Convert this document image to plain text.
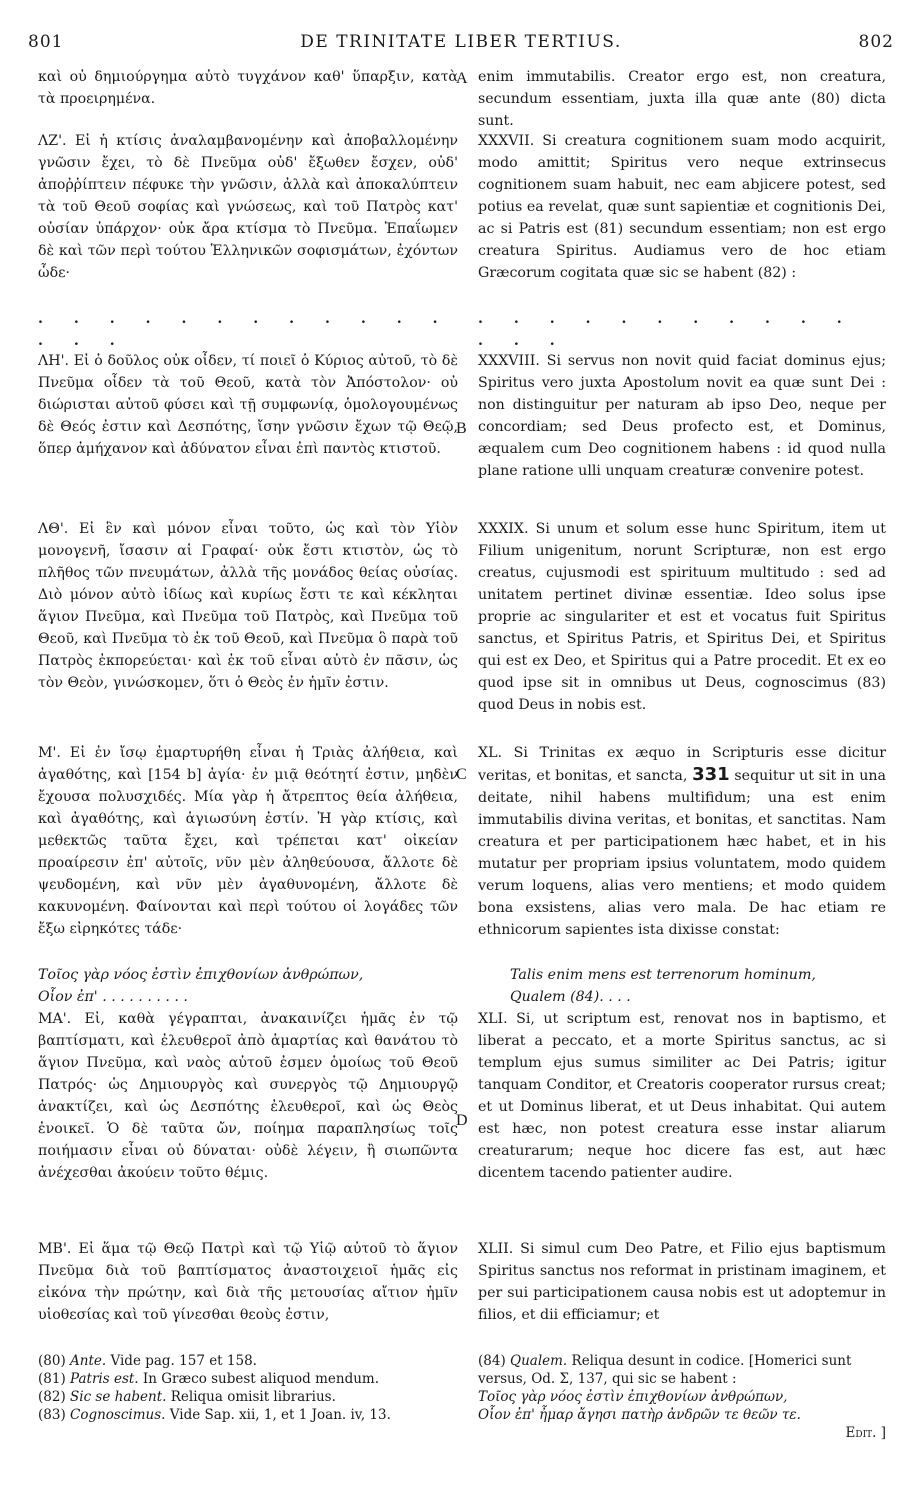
801	DE TRINITATE LIBER TERTIUS.	802
A
B
C
D

καὶ οὐ δημιούργημα αὐτὸ τυγχάνον καθ' ὕπαρξιν, κατὰ τὰ προειρημένα.

ΛΖ'. Εἰ ἡ κτίσις ἀναλαμβανομένην καὶ ἀποβαλλομένην γνῶσιν ἔχει, τὸ δὲ Πνεῦμα οὐδ' ἔξωθεν ἔσχεν, οὐδ' ἀποῤῥίπτειν πέφυκε τὴν γνῶσιν, ἀλλὰ καὶ ἀποκαλύπτειν τὰ τοῦ Θεοῦ σοφίας καὶ γνώσεως, καὶ τοῦ Πατρὸς κατ' οὐσίαν ὑπάρχον· οὐκ ἄρα κτίσμα τὸ Πνεῦμα. Ἐπαΐωμεν δὲ καὶ τῶν περὶ τούτου Ἑλληνικῶν σοφισμάτων, ἐχόντων ὧδε·

. . . . . . . . . . . . . . .

ΛΗ'. Εἰ ὁ δοῦλος οὐκ οἶδεν, τί ποιεῖ ὁ Κύριος αὐτοῦ, τὸ δὲ Πνεῦμα οἶδεν τὰ τοῦ Θεοῦ, κατὰ τὸν Ἀπόστολον· οὐ διώρισται αὐτοῦ φύσει καὶ τῇ συμφωνίᾳ, ὁμολογουμένως δὲ Θεός ἐστιν καὶ Δεσπότης, ἴσην γνῶσιν ἔχων τῷ Θεῷ, ὅπερ ἀμήχανον καὶ ἀδύνατον εἶναι ἐπὶ παντὸς κτιστοῦ.

ΛΘ'. Εἰ ἓν καὶ μόνον εἶναι τοῦτο, ὡς καὶ τὸν Υἱὸν μονογενῆ, ἴσασιν αἱ Γραφαί· οὐκ ἔστι κτιστὸν, ὡς τὸ πλῆθος τῶν πνευμάτων, ἀλλὰ τῆς μονάδος θείας οὐσίας. Διὸ μόνον αὐτὸ ἰδίως καὶ κυρίως ἔστι τε καὶ κέκληται ἅγιον Πνεῦμα, καὶ Πνεῦμα τοῦ Πατρὸς, καὶ Πνεῦμα τοῦ Θεοῦ, καὶ Πνεῦμα τὸ ἐκ τοῦ Θεοῦ, καὶ Πνεῦμα ὃ παρὰ τοῦ Πατρὸς ἐκπορεύεται· καὶ ἐκ τοῦ εἶναι αὐτὸ ἐν πᾶσιν, ὡς τὸν Θεὸν, γινώσκομεν, ὅτι ὁ Θεὸς ἐν ἡμῖν ἐστιν.

Μ'. Εἰ ἐν ἴσῳ ἐμαρτυρήθη εἶναι ἡ Τριὰς ἀλήθεια, καὶ ἀγαθότης, καὶ [154 b] ἁγία· ἐν μιᾷ θεότητί ἐστιν, μηδὲν ἔχουσα πολυσχιδές. Μία γὰρ ἡ ἄτρεπτος θεία ἀλήθεια, καὶ ἀγαθότης, καὶ ἁγιωσύνη ἐστίν. Ἡ γὰρ κτίσις, καὶ μεθεκτῶς ταῦτα ἔχει, καὶ τρέπεται κατ' οἰκείαν προαίρεσιν ἐπ' αὐτοῖς, νῦν μὲν ἀληθεύουσα, ἄλλοτε δὲ ψευδομένη, καὶ νῦν μὲν ἀγαθυνομένη, ἄλλοτε δὲ κακυνομένη. Φαίνονται καὶ περὶ τούτου οἱ λογάδες τῶν ἔξω εἰρηκότες τάδε·

Τοῖος γὰρ νόος ἐστὶν ἐπιχθονίων ἀνθρώπων,

Οἷον ἐπ' . . . . . . . . . .

ΜΑ'. Εἰ, καθὰ γέγραπται, ἀνακαινίζει ἡμᾶς ἐν τῷ βαπτίσματι, καὶ ἐλευθεροῖ ἀπὸ ἁμαρτίας καὶ θανάτου τὸ ἅγιον Πνεῦμα, καὶ ναὸς αὐτοῦ ἐσμεν ὁμοίως τοῦ Θεοῦ Πατρός· ὡς Δημιουργὸς καὶ συνεργὸς τῷ Δημιουργῷ ἀνακτίζει, καὶ ὡς Δεσπότης ἐλευθεροῖ, καὶ ὡς Θεὸς ἐνοικεῖ. Ὁ δὲ ταῦτα ὤν, ποίημα παραπλησίως τοῖς ποιήμασιν εἶναι οὐ δύναται· οὐδὲ λέγειν, ἢ σιωπῶντα ἀνέχεσθαι ἀκούειν τοῦτο θέμις.

ΜΒ'. Εἰ ἅμα τῷ Θεῷ Πατρὶ καὶ τῷ Υἱῷ αὐτοῦ τὸ ἅγιον Πνεῦμα διὰ τοῦ βαπτίσματος ἀναστοιχειοῖ ἡμᾶς εἰς εἰκόνα τὴν πρώτην, καὶ διὰ τῆς μετουσίας αἴτιον ἡμῖν υἱοθεσίας καὶ τοῦ γίνεσθαι θεοὺς ἐστιν,

enim immutabilis. Creator ergo est, non creatura, secundum essentiam, juxta illa quæ ante (80) dicta sunt.

XXXVII. Si creatura cognitionem suam modo acquirit, modo amittit; Spiritus vero neque extrinsecus cognitionem suam habuit, nec eam abjicere potest, sed potius ea revelat, quæ sunt sapientiæ et cognitionis Dei, ac si Patris est (81) secundum essentiam; non est ergo creatura Spiritus. Audiamus vero de hoc etiam Græcorum cogitata quæ sic se habent (82) :

. . . . . . . . . . . . . .

XXXVIII. Si servus non novit quid faciat dominus ejus; Spiritus vero juxta Apostolum novit ea quæ sunt Dei : non distinguitur per naturam ab ipso Deo, neque per concordiam; sed Deus profecto est, et Dominus, æqualem cum Deo cognitionem habens : id quod nulla plane ratione ulli unquam creaturæ convenire potest.

XXXIX. Si unum et solum esse hunc Spiritum, item ut Filium unigenitum, norunt Scripturæ, non est ergo creatus, cujusmodi est spirituum multitudo : sed ad unitatem pertinet divinæ essentiæ. Ideo solus ipse proprie ac singulariter et est et vocatus fuit Spiritus sanctus, et Spiritus Patris, et Spiritus Dei, et Spiritus qui est ex Deo, et Spiritus qui a Patre procedit. Et ex eo quod ipse sit in omnibus ut Deus, cognoscimus (83) quod Deus in nobis est.

XL. Si Trinitas ex æquo in Scripturis esse dicitur veritas, et bonitas, et sancta, 331 sequitur ut sit in una deitate, nihil habens multifidum; una est enim immutabilis divina veritas, et bonitas, et sanctitas. Nam creatura et per participationem hæc habet, et in his mutatur per propriam ipsius voluntatem, modo quidem verum loquens, alias vero mentiens; et modo quidem bona exsistens, alias vero mala. De hac etiam re ethnicorum sapientes ista dixisse constat:

Talis enim mens est terrenorum hominum,

Qualem (84). . . .

XLI. Si, ut scriptum est, renovat nos in baptismo, et liberat a peccato, et a morte Spiritus sanctus, ac si templum ejus sumus similiter ac Dei Patris; igitur tanquam Conditor, et Creatoris cooperator rursus creat; et ut Dominus liberat, et ut Deus inhabitat. Qui autem est hæc, non potest creatura esse instar aliarum creaturarum; neque hoc dicere fas est, aut hæc dicentem tacendo patienter audire.

XLII. Si simul cum Deo Patre, et Filio ejus baptismum Spiritus sanctus nos reformat in pristinam imaginem, et per sui participationem causa nobis est ut adoptemur in filios, et dii efficiamur; et

(80) Ante. Vide pag. 157 et 158.

(81) Patris est. In Græco subest aliquod mendum.

(82) Sic se habent. Reliqua omisit librarius.

(83) Cognoscimus. Vide Sap. xii, 1, et 1 Joan. iv, 13.

(84) Qualem. Reliqua desunt in codice. [Homerici sunt versus, Od. Σ, 137, qui sic se habent :

Τοῖος γὰρ νόος ἐστὶν ἐπιχθονίων ἀνθρώπων,

Οἷον ἐπ' ἦμαρ ἄγησι πατὴρ ἀνδρῶν τε θεῶν τε.

Edit. ]
